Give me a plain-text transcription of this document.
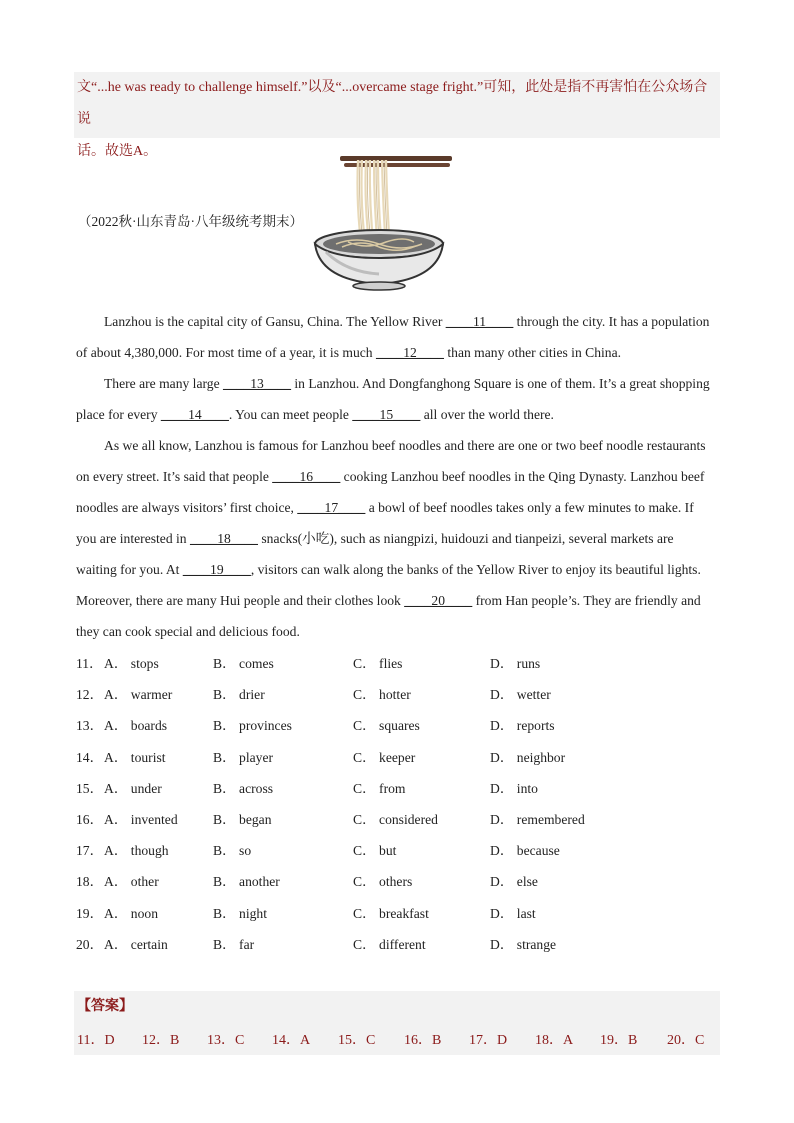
文“...he was ready to challenge himself.”以及“...overcame stage fright.”可知，此处是指不再害怕在公众场合说

话。故选A。

（2022秋·山东青岛·八年级统考期末）

Lanzhou is the capital city of Gansu, China. The Yellow River ____11____ through the city. It has a population of about 4,380,000. For most time of a year, it is much ____12____ than many other cities in China.

There are many large ____13____ in Lanzhou. And Dongfanghong Square is one of them. It’s a great shopping place for every ____14____. You can meet people ____15____ all over the world there.

As we all know, Lanzhou is famous for Lanzhou beef noodles and there are one or two beef noodle restaurants on every street. It’s said that people ____16____ cooking Lanzhou beef noodles in the Qing Dynasty. Lanzhou beef noodles are always visitors’ first choice, ____17____ a bowl of beef noodles takes only a few minutes to make. If you are interested in ____18____ snacks(小吃), such as niangpizi, huidouzi and tianpeizi, several markets are waiting for you. At ____19____, visitors can walk along the banks of the Yellow River to enjoy its beautiful lights. Moreover, there are many Hui people and their clothes look ____20____ from Han people’s. They are friendly and they can cook special and delicious food.

11． A． stops	B． comes	C． flies	D． runs
12． A． warmer	B． drier	C． hotter	D． wetter
13． A． boards	B． provinces	C． squares	D． reports
14． A． tourist	B． player	C． keeper	D． neighbor
15． A． under	B． across	C． from	D． into
16． A． invented	B． began	C． considered	D． remembered
17． A． though	B． so	C． but	D． because
18． A． other	B． another	C． others	D． else
19． A． noon	B． night	C． breakfast	D． last
20． A． certain	B． far	C． different	D． strange
【答案】
11．D 12．B 13．C 14．A 15．C 16．B 17．D 18．A 19．B 20．C
